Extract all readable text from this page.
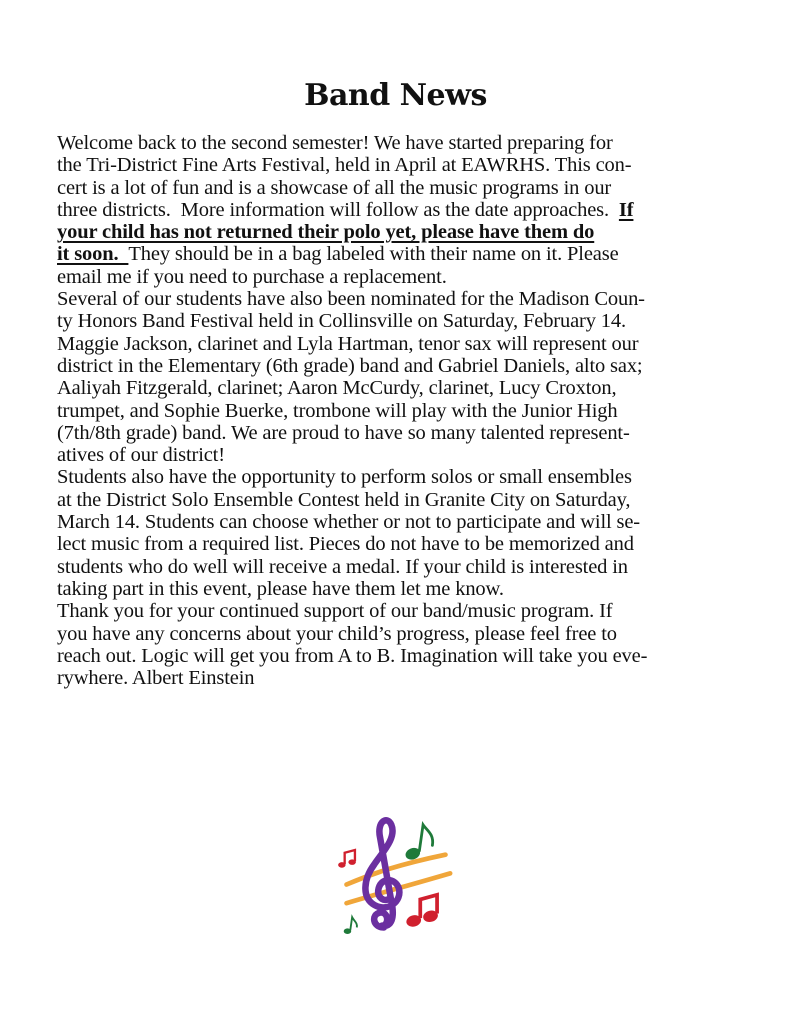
Band News
Welcome back to the second semester! We have started preparing for
the Tri-District Fine Arts Festival, held in April at EAWRHS. This con-
cert is a lot of fun and is a showcase of all the music programs in our
three districts.  More information will follow as the date approaches.  If
your child has not returned their polo yet, please have them do
it soon.  They should be in a bag labeled with their name on it. Please
email me if you need to purchase a replacement.
Several of our students have also been nominated for the Madison Coun-
ty Honors Band Festival held in Collinsville on Saturday, February 14.
Maggie Jackson, clarinet and Lyla Hartman, tenor sax will represent our
district in the Elementary (6th grade) band and Gabriel Daniels, alto sax;
Aaliyah Fitzgerald, clarinet; Aaron McCurdy, clarinet, Lucy Croxton,
trumpet, and Sophie Buerke, trombone will play with the Junior High
(7th/8th grade) band. We are proud to have so many talented represent-
atives of our district!
Students also have the opportunity to perform solos or small ensembles
at the District Solo Ensemble Contest held in Granite City on Saturday,
March 14. Students can choose whether or not to participate and will se-
lect music from a required list. Pieces do not have to be memorized and
students who do well will receive a medal. If your child is interested in
taking part in this event, please have them let me know.
Thank you for your continued support of our band/music program. If
you have any concerns about your child’s progress, please feel free to
reach out. Logic will get you from A to B. Imagination will take you eve-
rywhere. Albert Einstein
